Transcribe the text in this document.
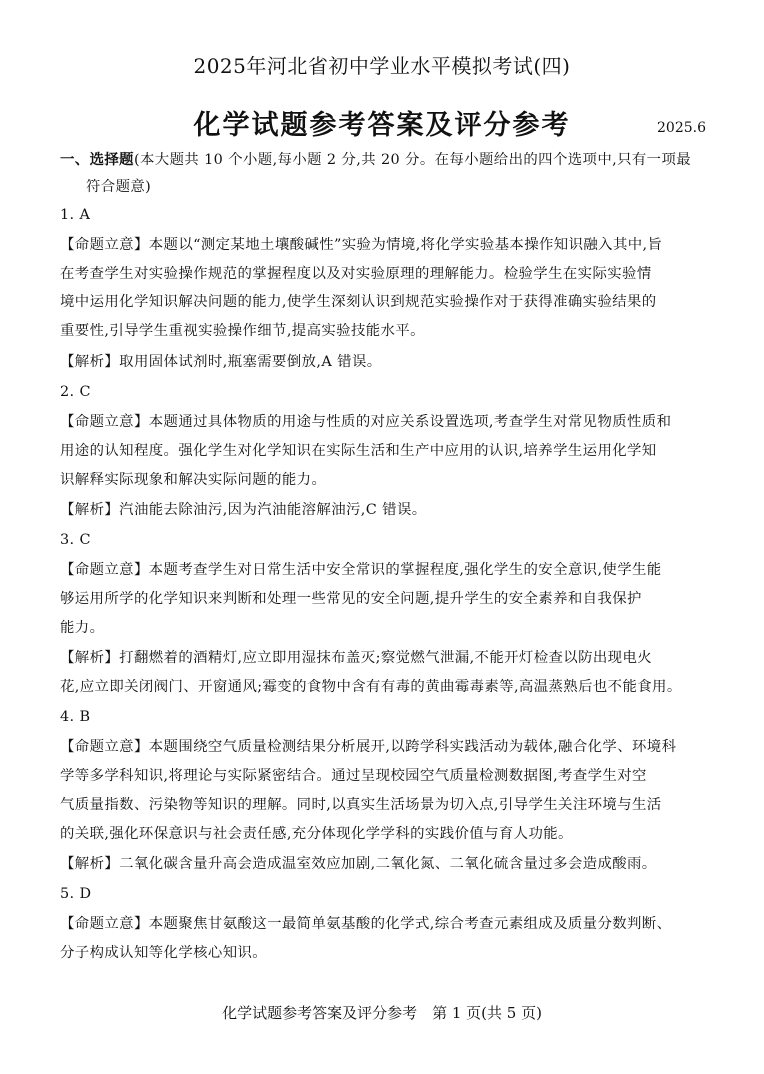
2025年河北省初中学业水平模拟考试(四)
化学试题参考答案及评分参考	2025.6
一、选择题(本大题共 10 个小题,每小题 2 分,共 20 分。在每小题给出的四个选项中,只有一项最
符合题意)
1. A
【命题立意】本题以“测定某地土壤酸碱性”实验为情境,将化学实验基本操作知识融入其中,旨
在考查学生对实验操作规范的掌握程度以及对实验原理的理解能力。检验学生在实际实验情
境中运用化学知识解决问题的能力,使学生深刻认识到规范实验操作对于获得准确实验结果的
重要性,引导学生重视实验操作细节,提高实验技能水平。
【解析】取用固体试剂时,瓶塞需要倒放,A 错误。
2. C
【命题立意】本题通过具体物质的用途与性质的对应关系设置选项,考查学生对常见物质性质和
用途的认知程度。强化学生对化学知识在实际生活和生产中应用的认识,培养学生运用化学知
识解释实际现象和解决实际问题的能力。
【解析】汽油能去除油污,因为汽油能溶解油污,C 错误。
3. C
【命题立意】本题考查学生对日常生活中安全常识的掌握程度,强化学生的安全意识,使学生能
够运用所学的化学知识来判断和处理一些常见的安全问题,提升学生的安全素养和自我保护
能力。
【解析】打翻燃着的酒精灯,应立即用湿抹布盖灭;察觉燃气泄漏,不能开灯检查以防出现电火
花,应立即关闭阀门、开窗通风;霉变的食物中含有有毒的黄曲霉毒素等,高温蒸熟后也不能食用。
4. B
【命题立意】本题围绕空气质量检测结果分析展开,以跨学科实践活动为载体,融合化学、环境科
学等多学科知识,将理论与实际紧密结合。通过呈现校园空气质量检测数据图,考查学生对空
气质量指数、污染物等知识的理解。同时,以真实生活场景为切入点,引导学生关注环境与生活
的关联,强化环保意识与社会责任感,充分体现化学学科的实践价值与育人功能。
【解析】二氧化碳含量升高会造成温室效应加剧,二氧化氮、二氧化硫含量过多会造成酸雨。
5. D
【命题立意】本题聚焦甘氨酸这一最简单氨基酸的化学式,综合考查元素组成及质量分数判断、
分子构成认知等化学核心知识。
化学试题参考答案及评分参考　第 1 页(共 5 页)
